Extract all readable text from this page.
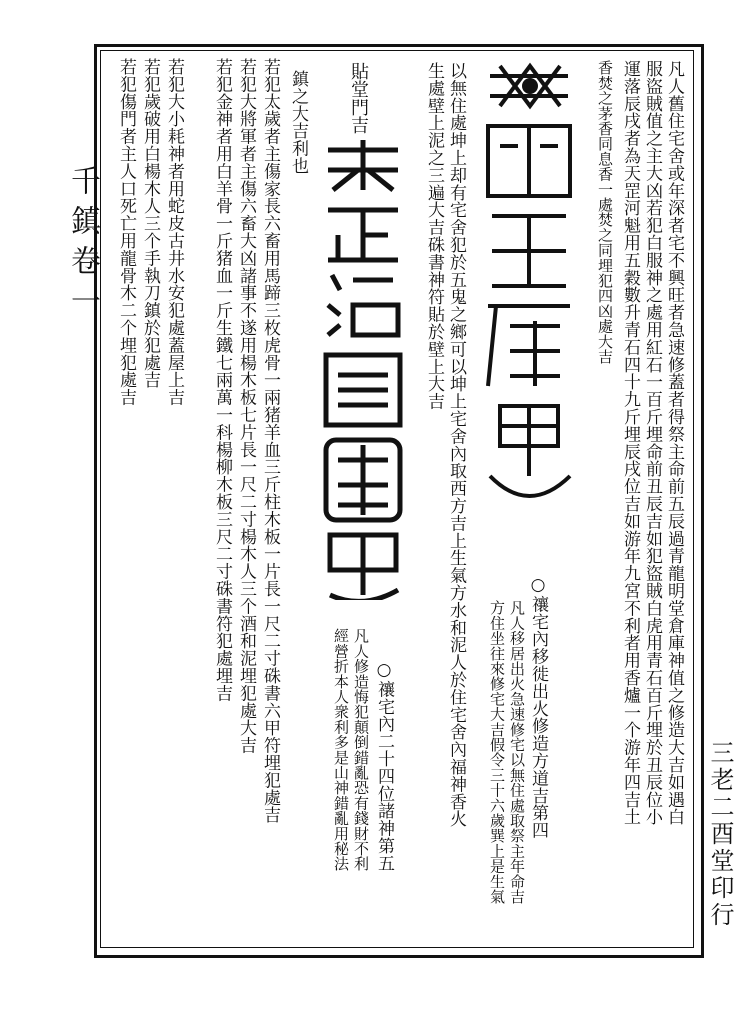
千鎮卷一
三老二酉堂印行
凡人舊住宅舍或年深者宅不興旺者急速修蓋者得祭主命前五辰過青龍明堂倉庫神值之修造大吉如遇白
服盜賊值之主大凶若犯白服神之處用紅石一百斤埋命前丑辰吉如犯盜賊白虎用青石百斤埋於丑辰位小
運落辰戌者為天罡河魁用五穀數升青石四十九斤埋辰戌位吉如游年九宮不利者用香爐一个游年四吉土
香焚之茅香同息香一處焚之同埋犯四凶處大吉
以無住處坤上却有宅舍犯於五鬼之鄉可以坤上宅舍內取西方吉上生氣方水和泥人於住宅舍內福神香火
生處壁上泥之三遍大吉硃書神符貼於壁上大吉
○禳宅內移徙出火修造方道吉第四
凡人移居出火急速修宅以無住處取祭主年命吉
方住坐往來修宅大吉假令三十六歲巽上是生氣
貼堂門吉
○禳宅內二十四位諸神第五
凡人修造悔犯顛倒錯亂恐有錢財不利
經營折本人衆利多是山神錯亂用秘法
鎮之大吉利也
若犯太歲者主傷家長六畜用馬蹄三枚虎骨一兩猪羊血三斤柱木板一片長一尺二寸硃書六甲符埋犯處吉
若犯大將軍者主傷六畜大凶諸事不遂用楊木板七片長一尺二寸楊木人三个酒和泥埋犯處大吉
若犯金神者用白羊骨一斤猪血一斤生鐵七兩萬一科楊柳木板三尺二寸硃書符犯處埋吉
若犯大小耗神者用蛇皮古井水安犯處蓋屋上吉
若犯歲破用白楊木人三个手執刀鎮於犯處吉
若犯傷門者主人口死亡用龍骨木二个埋犯處吉
